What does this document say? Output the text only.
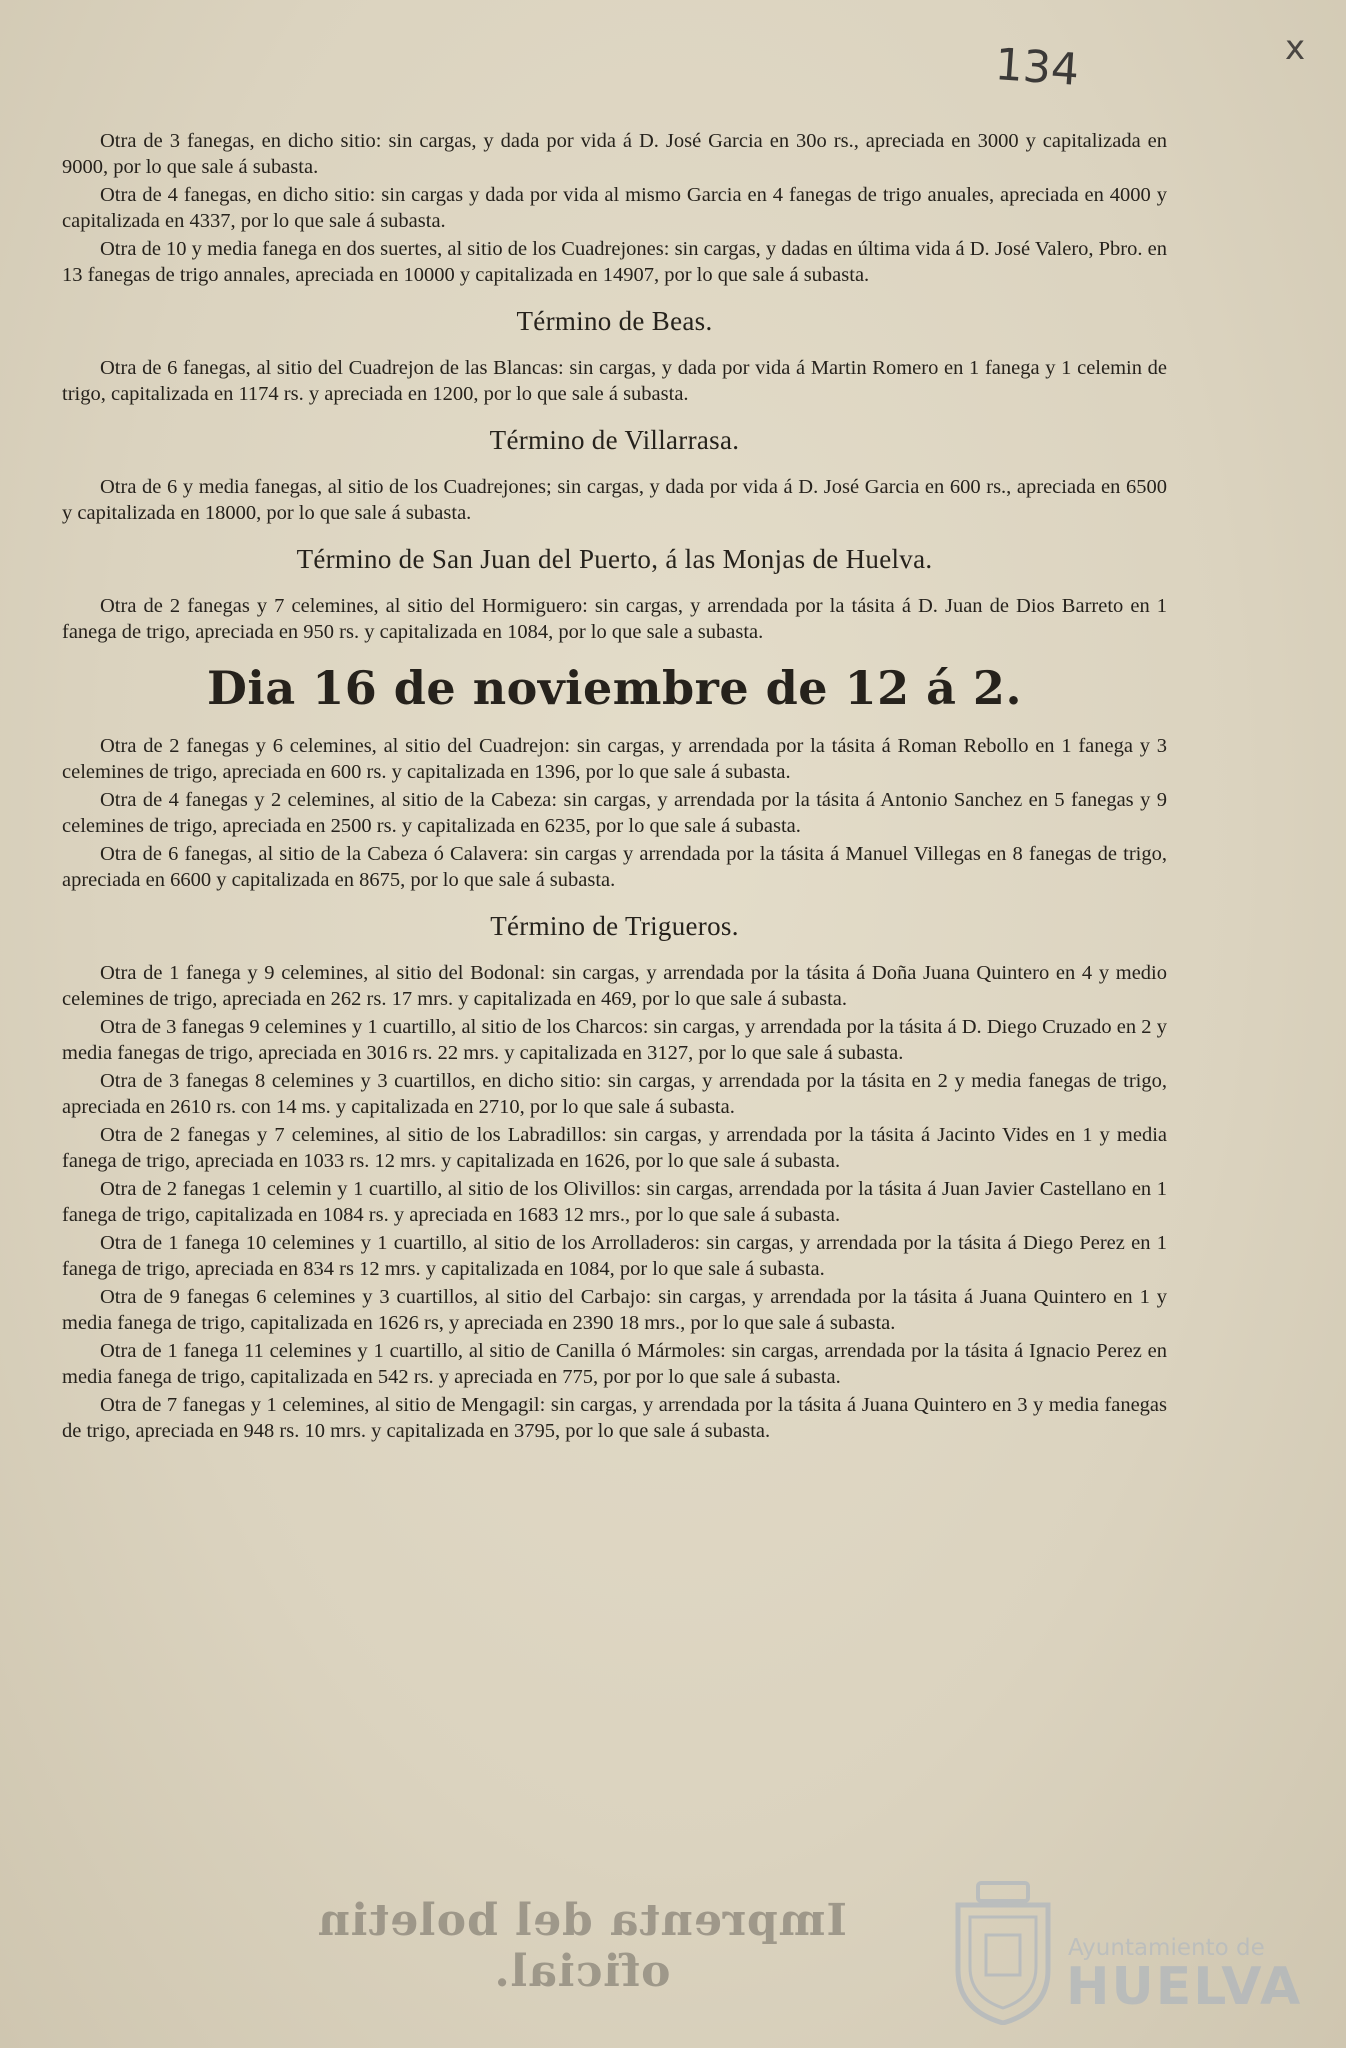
134	x

Otra de 3 fanegas, en dicho sitio: sin cargas, y dada por vida á D. José Garcia en 30o rs., apreciada en 3000 y capitalizada en 9000, por lo que sale á subasta.

Otra de 4 fanegas, en dicho sitio: sin cargas y dada por vida al mismo Garcia en 4 fanegas de trigo anuales, apreciada en 4000 y capitalizada en 4337, por lo que sale á subasta.

Otra de 10 y media fanega en dos suertes, al sitio de los Cuadrejones: sin cargas, y dadas en última vida á D. José Valero, Pbro. en 13 fanegas de trigo annales, apreciada en 10000 y capitalizada en 14907, por lo que sale á subasta.

Término de Beas.

Otra de 6 fanegas, al sitio del Cuadrejon de las Blancas: sin cargas, y dada por vida á Martin Romero en 1 fanega y 1 celemin de trigo, capitalizada en 1174 rs. y apreciada en 1200, por lo que sale á subasta.

Término de Villarrasa.

Otra de 6 y media fanegas, al sitio de los Cuadrejones; sin cargas, y dada por vida á D. José Garcia en 600 rs., apreciada en 6500 y capitalizada en 18000, por lo que sale á subasta.

Término de San Juan del Puerto, á las Monjas de Huelva.

Otra de 2 fanegas y 7 celemines, al sitio del Hormiguero: sin cargas, y arrendada por la tásita á D. Juan de Dios Barreto en 1 fanega de trigo, apreciada en 950 rs. y capitalizada en 1084, por lo que sale a subasta.

Dia 16 de noviembre de 12 á 2.

Otra de 2 fanegas y 6 celemines, al sitio del Cuadrejon: sin cargas, y arrendada por la tásita á Roman Rebollo en 1 fanega y 3 celemines de trigo, apreciada en 600 rs. y capitalizada en 1396, por lo que sale á subasta.

Otra de 4 fanegas y 2 celemines, al sitio de la Cabeza: sin cargas, y arrendada por la tásita á Antonio Sanchez en 5 fanegas y 9 celemines de trigo, apreciada en 2500 rs. y capitalizada en 6235, por lo que sale á subasta.

Otra de 6 fanegas, al sitio de la Cabeza ó Calavera: sin cargas y arrendada por la tásita á Manuel Villegas en 8 fanegas de trigo, apreciada en 6600 y capitalizada en 8675, por lo que sale á subasta.

Término de Trigueros.

Otra de 1 fanega y 9 celemines, al sitio del Bodonal: sin cargas, y arrendada por la tásita á Doña Juana Quintero en 4 y medio celemines de trigo, apreciada en 262 rs. 17 mrs. y capitalizada en 469, por lo que sale á subasta.

Otra de 3 fanegas 9 celemines y 1 cuartillo, al sitio de los Charcos: sin cargas, y arrendada por la tásita á D. Diego Cruzado en 2 y media fanegas de trigo, apreciada en 3016 rs. 22 mrs. y capitalizada en 3127, por lo que sale á subasta.

Otra de 3 fanegas 8 celemines y 3 cuartillos, en dicho sitio: sin cargas, y arrendada por la tásita en 2 y media fanegas de trigo, apreciada en 2610 rs. con 14 ms. y capitalizada en 2710, por lo que sale á subasta.

Otra de 2 fanegas y 7 celemines, al sitio de los Labradillos: sin cargas, y arrendada por la tásita á Jacinto Vides en 1 y media fanega de trigo, apreciada en 1033 rs. 12 mrs. y capitalizada en 1626, por lo que sale á subasta.

Otra de 2 fanegas 1 celemin y 1 cuartillo, al sitio de los Olivillos: sin cargas, arrendada por la tásita á Juan Javier Castellano en 1 fanega de trigo, capitalizada en 1084 rs. y apreciada en 1683 12 mrs., por lo que sale á subasta.

Otra de 1 fanega 10 celemines y 1 cuartillo, al sitio de los Arrolladeros: sin cargas, y arrendada por la tásita á Diego Perez en 1 fanega de trigo, apreciada en 834 rs 12 mrs. y capitalizada en 1084, por lo que sale á subasta.

Otra de 9 fanegas 6 celemines y 3 cuartillos, al sitio del Carbajo: sin cargas, y arrendada por la tásita á Juana Quintero en 1 y media fanega de trigo, capitalizada en 1626 rs, y apreciada en 2390 18 mrs., por lo que sale á subasta.

Otra de 1 fanega 11 celemines y 1 cuartillo, al sitio de Canilla ó Mármoles: sin cargas, arrendada por la tásita á Ignacio Perez en media fanega de trigo, capitalizada en 542 rs. y apreciada en 775, por por lo que sale á subasta.

Otra de 7 fanegas y 1 celemines, al sitio de Mengagil: sin cargas, y arrendada por la tásita á Juana Quintero en 3 y media fanegas de trigo, apreciada en 948 rs. 10 mrs. y capitalizada en 3795, por lo que sale á subasta.

Imprenta del boletin oficial.	Ayuntamiento de
HUELVA
